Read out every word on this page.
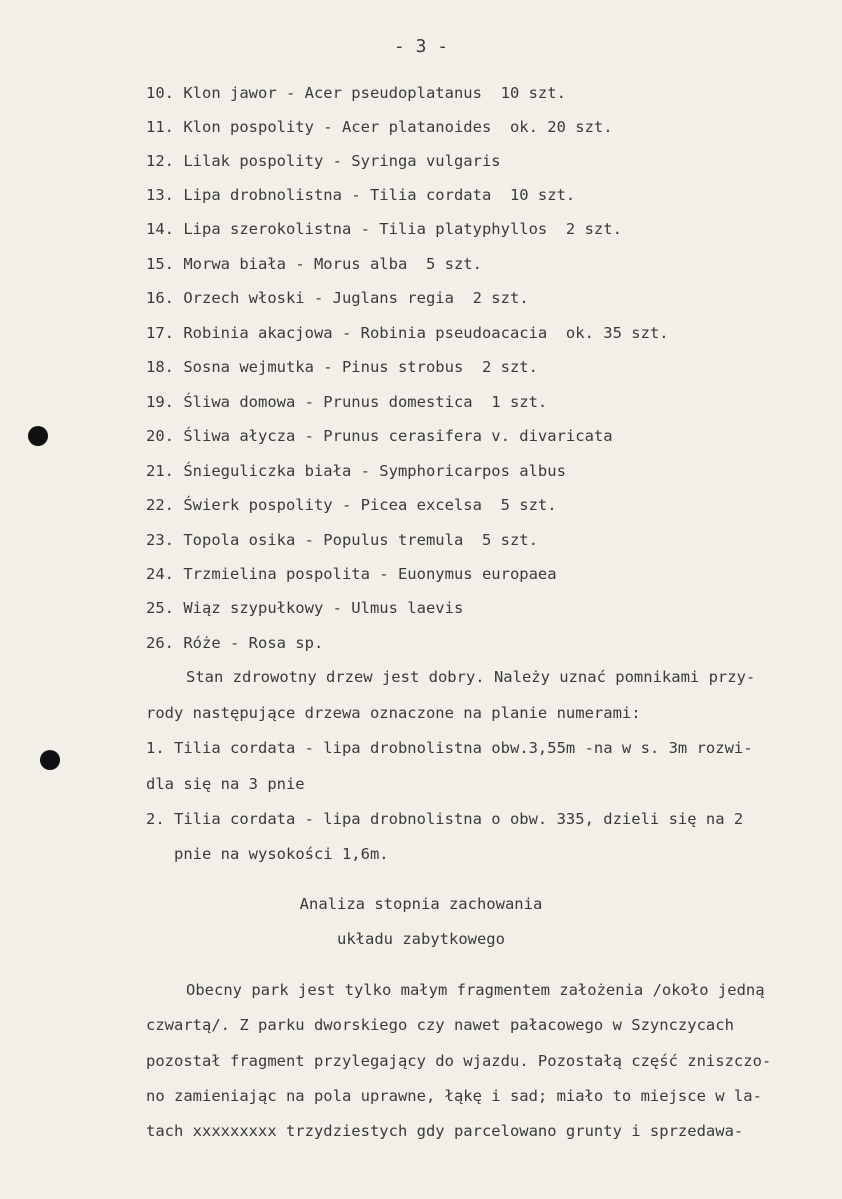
- 3 -
10. Klon jawor - Acer pseudoplatanus  10 szt.
11. Klon pospolity - Acer platanoides  ok. 20 szt.
12. Lilak pospolity - Syringa vulgaris
13. Lipa drobnolistna - Tilia cordata  10 szt.
14. Lipa szerokolistna - Tilia platyphyllos  2 szt.
15. Morwa biała - Morus alba  5 szt.
16. Orzech włoski - Juglans regia  2 szt.
17. Robinia akacjowa - Robinia pseudoacacia  ok. 35 szt.
18. Sosna wejmutka - Pinus strobus  2 szt.
19. Śliwa domowa - Prunus domestica  1 szt.
20. Śliwa ałycza - Prunus cerasifera v. divaricata
21. Śnieguliczka biała - Symphoricarpos albus
22. Świerk pospolity - Picea excelsa  5 szt.
23. Topola osika - Populus tremula  5 szt.
24. Trzmielina pospolita - Euonymus europaea
25. Wiąz szypułkowy - Ulmus laevis
26. Róże - Rosa sp.
Stan zdrowotny drzew jest dobry. Należy uznać pomnikami przy-
rody następujące drzewa oznaczone na planie numerami:
1. Tilia cordata - lipa drobnolistna obw.3,55m -na w s. 3m rozwi-
dla się na 3 pnie
2. Tilia cordata - lipa drobnolistna o obw. 335, dzieli się na 2
pnie na wysokości 1,6m.
Analiza stopnia zachowania
układu zabytkowego
Obecny park jest tylko małym fragmentem założenia /około jedną
czwartą/. Z parku dworskiego czy nawet pałacowego w Szynczycach
pozostał fragment przylegający do wjazdu. Pozostałą część zniszczo-
no zamieniając na pola uprawne, łąkę i sad; miało to miejsce w la-
tach xxxxxxxxx trzydziestych gdy parcelowano grunty i sprzedawa-
